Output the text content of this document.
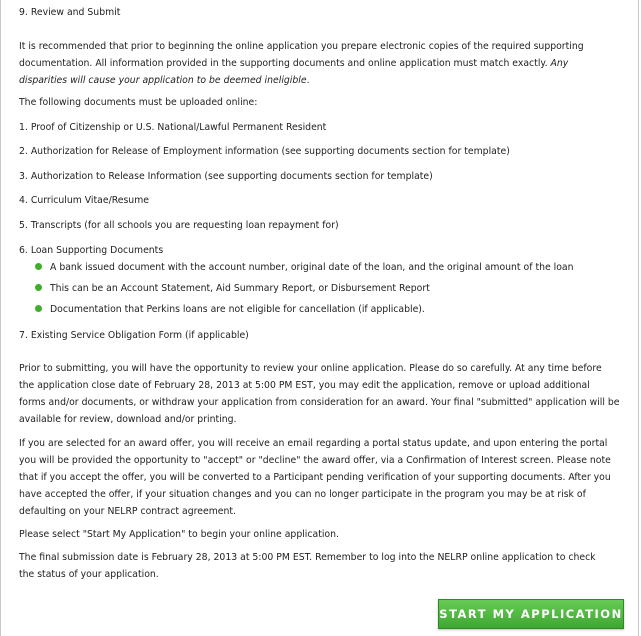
9. Review and Submit
It is recommended that prior to beginning the online application you prepare electronic copies of the required supporting
documentation. All information provided in the supporting documents and online application must match exactly. Any
disparities will cause your application to be deemed ineligible.
The following documents must be uploaded online:
1. Proof of Citizenship or U.S. National/Lawful Permanent Resident
2. Authorization for Release of Employment information (see supporting documents section for template)
3. Authorization to Release Information (see supporting documents section for template)
4. Curriculum Vitae/Resume
5. Transcripts (for all schools you are requesting loan repayment for)
6. Loan Supporting Documents
A bank issued document with the account number, original date of the loan, and the original amount of the loan
This can be an Account Statement, Aid Summary Report, or Disbursement Report
Documentation that Perkins loans are not eligible for cancellation (if applicable).
7. Existing Service Obligation Form (if applicable)
Prior to submitting, you will have the opportunity to review your online application. Please do so carefully. At any time before
the application close date of February 28, 2013 at 5:00 PM EST, you may edit the application, remove or upload additional
forms and/or documents, or withdraw your application from consideration for an award. Your final "submitted" application will be
available for review, download and/or printing.
If you are selected for an award offer, you will receive an email regarding a portal status update, and upon entering the portal
you will be provided the opportunity to "accept" or "decline" the award offer, via a Confirmation of Interest screen. Please note
that if you accept the offer, you will be converted to a Participant pending verification of your supporting documents. After you
have accepted the offer, if your situation changes and you can no longer participate in the program you may be at risk of
defaulting on your NELRP contract agreement.
Please select "Start My Application" to begin your online application.
The final submission date is February 28, 2013 at 5:00 PM EST. Remember to log into the NELRP online application to check
the status of your application.
START MY APPLICATION
